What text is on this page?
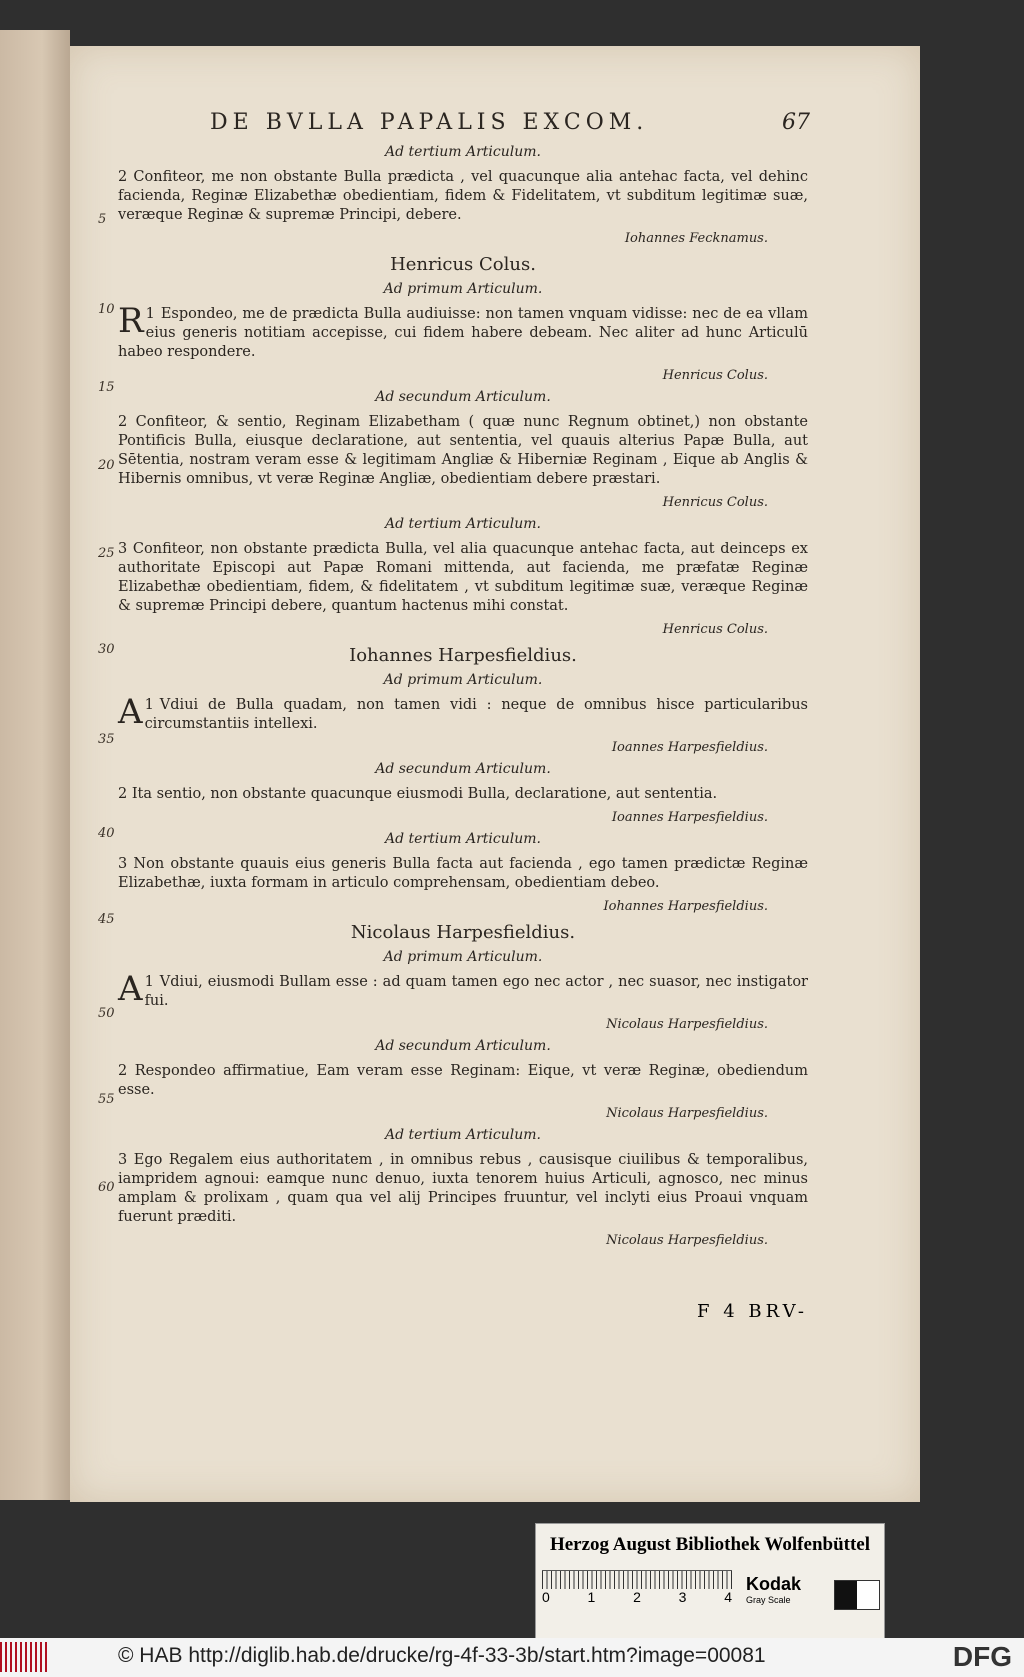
DE BVLLA PAPALIS EXCOM.	67
5
10
15
20
25
30
35
40
45
50
55
60

Ad tertium Articulum.

2 Confiteor, me non obstante Bulla prædicta , vel quacunque alia antehac facta, vel dehinc facienda, Reginæ Elizabethæ obedientiam, fidem & Fidelitatem, vt subditum legitimæ suæ, veræque Reginæ & supremæ Principi, debere.

Iohannes Fecknamus.

Henricus Colus.

Ad primum Articulum.

1
R Espondeo, me de prædicta Bulla audiuisse: non tamen vnquam vidisse: nec de ea vllam eius generis notitiam accepisse, cui fidem habere debeam. Nec aliter ad hunc Articulū habeo respondere.

Henricus Colus.

Ad secundum Articulum.

2 Confiteor, & sentio, Reginam Elizabetham ( quæ nunc Regnum obtinet,) non obstante Pontificis Bulla, eiusque declaratione, aut sententia, vel quauis alterius Papæ Bulla, aut Sētentia, nostram veram esse & legitimam Angliæ & Hiberniæ Reginam , Eique ab Anglis & Hibernis omnibus, vt veræ Reginæ Angliæ, obedientiam debere præstari.

Henricus Colus.

Ad tertium Articulum.

3 Confiteor, non obstante prædicta Bulla, vel alia quacunque antehac facta, aut deinceps ex authoritate Episcopi aut Papæ Romani mittenda, aut facienda, me præfatæ Reginæ Elizabethæ obedientiam, fidem, & fidelitatem , vt subditum legitimæ suæ, veræque Reginæ & supremæ Principi debere, quantum hactenus mihi constat.

Henricus Colus.

Iohannes Harpesfieldius.

Ad primum Articulum.

1
A Vdiui de Bulla quadam, non tamen vidi : neque de omnibus hisce particularibus circumstantiis intellexi.

Ioannes Harpesfieldius.

Ad secundum Articulum.

2 Ita sentio, non obstante quacunque eiusmodi Bulla, declaratione, aut sententia.

Ioannes Harpesfieldius.

Ad tertium Articulum.

3 Non obstante quauis eius generis Bulla facta aut facienda , ego tamen prædictæ Reginæ Elizabethæ, iuxta formam in articulo comprehensam, obedientiam debeo.

Iohannes Harpesfieldius.

Nicolaus Harpesfieldius.

Ad primum Articulum.

1
A Vdiui, eiusmodi Bullam esse : ad quam tamen ego nec actor , nec suasor, nec instigator fui.

Nicolaus Harpesfieldius.

Ad secundum Articulum.

2 Respondeo affirmatiue, Eam veram esse Reginam: Eique, vt veræ Reginæ, obediendum esse.

Nicolaus Harpesfieldius.

Ad tertium Articulum.

3 Ego Regalem eius authoritatem , in omnibus rebus , causisque ciuilibus & temporalibus, iampridem agnoui: eamque nunc denuo, iuxta tenorem huius Articuli, agnosco, nec minus amplam & prolixam , quam qua vel alij Principes fruuntur, vel inclyti eius Proaui vnquam fuerunt præditi.

Nicolaus Harpesfieldius.

F 4 BRV-
Herzog August Bibliothek Wolfenbüttel
0	1	2	3	4
Kodak
Gray Scale
© HAB http://diglib.hab.de/drucke/rg-4f-33-3b/start.htm?image=00081	DFG
